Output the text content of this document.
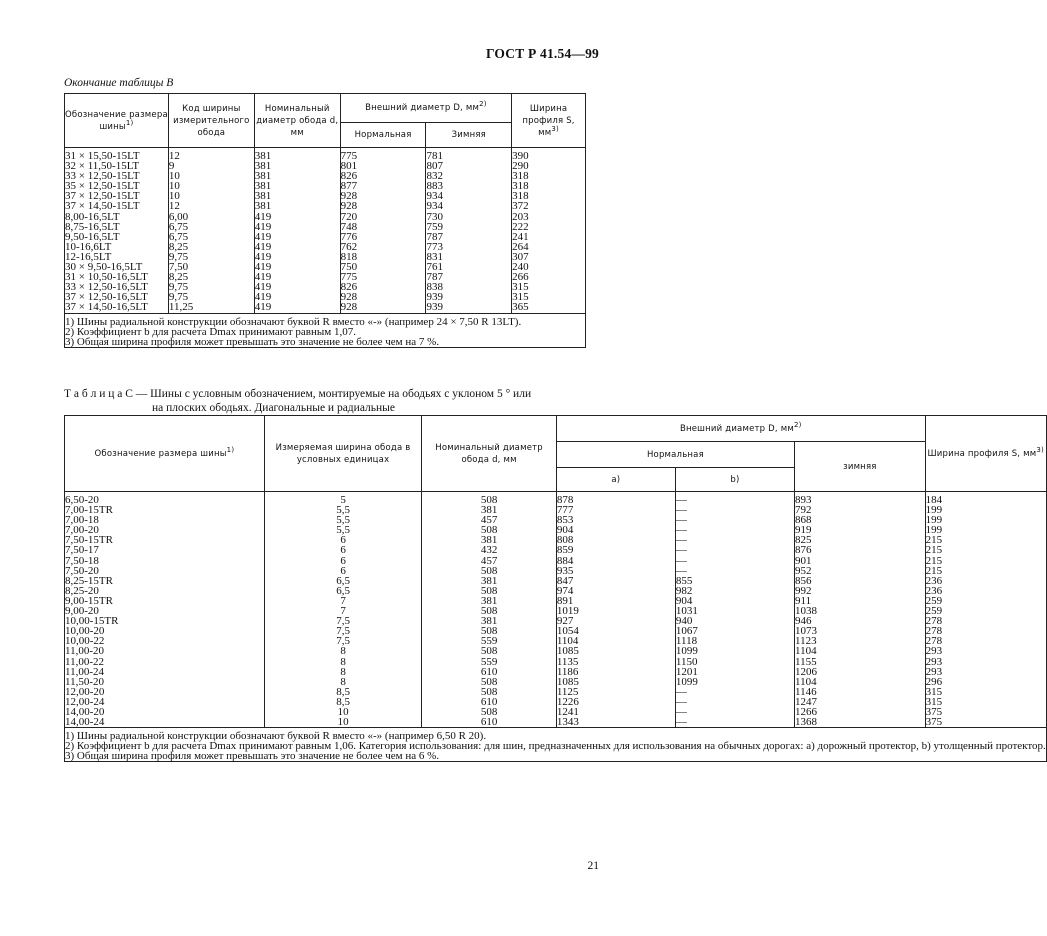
ГОСТ Р 41.54—99
Окончание таблицы B
Обозначение размера шины$^{1)}$	Код ширины измерительного обода	Номинальный диаметр обода d, мм	Внешний диаметр D, $мм^{2)}$		Ширина профиля S, $мм^{3)}$
			Нормальная	Зимняя	
31 × 15,50-15LT	12	381	775	781	390
32 × 11,50-15LT	9	381	801	807	290
33 × 12,50-15LT	10	381	826	832	318
35 × 12,50-15LT	10	381	877	883	318
37 × 12,50-15LT	10	381	928	934	318
37 × 14,50-15LT	12	381	928	934	372
8,00-16,5LT	6,00	419	720	730	203
8,75-16,5LT	6,75	419	748	759	222
9,50-16,5LT	6,75	419	776	787	241
10-16,6LT	8,25	419	762	773	264
12-16,5LT	9,75	419	818	831	307
30 × 9,50-16,5LT	7,50	419	750	761	240
31 × 10,50-16,5LT	8,25	419	775	787	266
33 × 12,50-16,5LT	9,75	419	826	838	315
37 × 12,50-16,5LT	9,75	419	928	939	315
37 × 14,50-16,5LT	11,25	419	928	939	365

1) Шины радиальной конструкции обозначают буквой R вместо «-» (например 24 × 7,50 R 13LT).
2) Коэффициент b для расчета Dmax принимают равным 1,07.
3) Общая ширина профиля может превышать это значение не более чем на 7 %.					
Т а б л и ц а C — Шины с условным обозначением, монтируемые на ободьях с уклоном 5 ° или
на плоских ободьях. Диагональные и радиальные
Обозначение размера шины$^{1)}$	Измеряемая ширина обода в условных единицах	Номинальный диаметр обода d, мм	Внешний диаметр D, $мм^{2)}$			Ширина профиля S, $мм^{3)}$
			Нормальная		зимняя	
			a)	b)		
6,50-20	5	508	878	—	893	184
7,00-15TR	5,5	381	777	—	792	199
7,00-18	5,5	457	853	—	868	199
7,00-20	5,5	508	904	—	919	199
7,50-15TR	6	381	808	—	825	215
7,50-17	6	432	859	—	876	215
7,50-18	6	457	884	—	901	215
7,50-20	6	508	935	—	952	215
8,25-15TR	6,5	381	847	855	856	236
8,25-20	6,5	508	974	982	992	236
9,00-15TR	7	381	891	904	911	259
9,00-20	7	508	1019	1031	1038	259
10,00-15TR	7,5	381	927	940	946	278
10,00-20	7,5	508	1054	1067	1073	278
10,00-22	7,5	559	1104	1118	1123	278
11,00-20	8	508	1085	1099	1104	293
11,00-22	8	559	1135	1150	1155	293
11,00-24	8	610	1186	1201	1206	293
11,50-20	8	508	1085	1099	1104	296
12,00-20	8,5	508	1125	—	1146	315
12,00-24	8,5	610	1226	—	1247	315
14,00-20	10	508	1241	—	1266	375
14,00-24	10	610	1343	—	1368	375

1) Шины радиальной конструкции обозначают буквой R вместо «-» (например 6,50 R 20).
2) Коэффициент b для расчета Dmax принимают равным 1,06. Категория использования: для шин, предназначенных для использования на обычных дорогах: a) дорожный протектор, b) утолщенный протектор.
3) Общая ширина профиля может превышать это значение не более чем на 6 %.						
21
